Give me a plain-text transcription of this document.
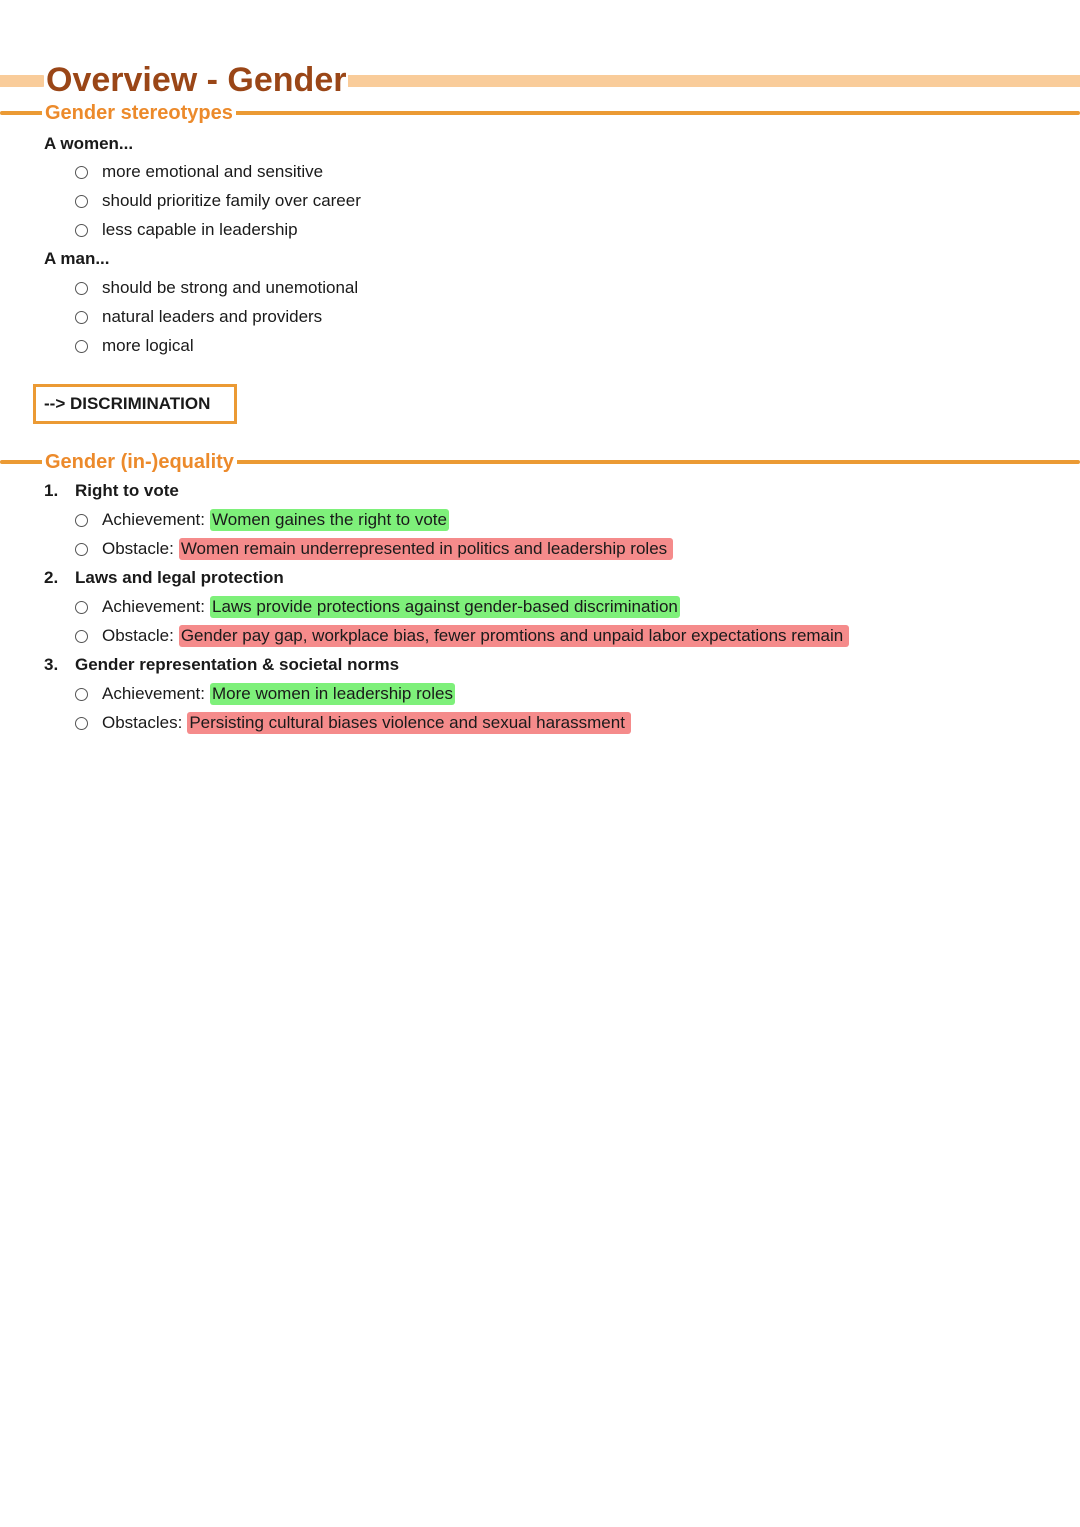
Overview - Gender
Gender stereotypes
A women...
more emotional and sensitive
should prioritize family over career
less capable in leadership
A man...
should be strong and unemotional
natural leaders and providers
more logical
--> DISCRIMINATION
Gender (in-)equality
1. Right to vote
Achievement: Women gaines the right to vote
Obstacle: Women remain underrepresented in politics and leadership roles
2. Laws and legal protection
Achievement: Laws provide protections against gender-based discrimination
Obstacle: Gender pay gap, workplace bias, fewer promtions and unpaid labor expectations remain
3. Gender representation & societal norms
Achievement: More women in leadership roles
Obstacles: Persisting cultural biases violence and sexual harassment
